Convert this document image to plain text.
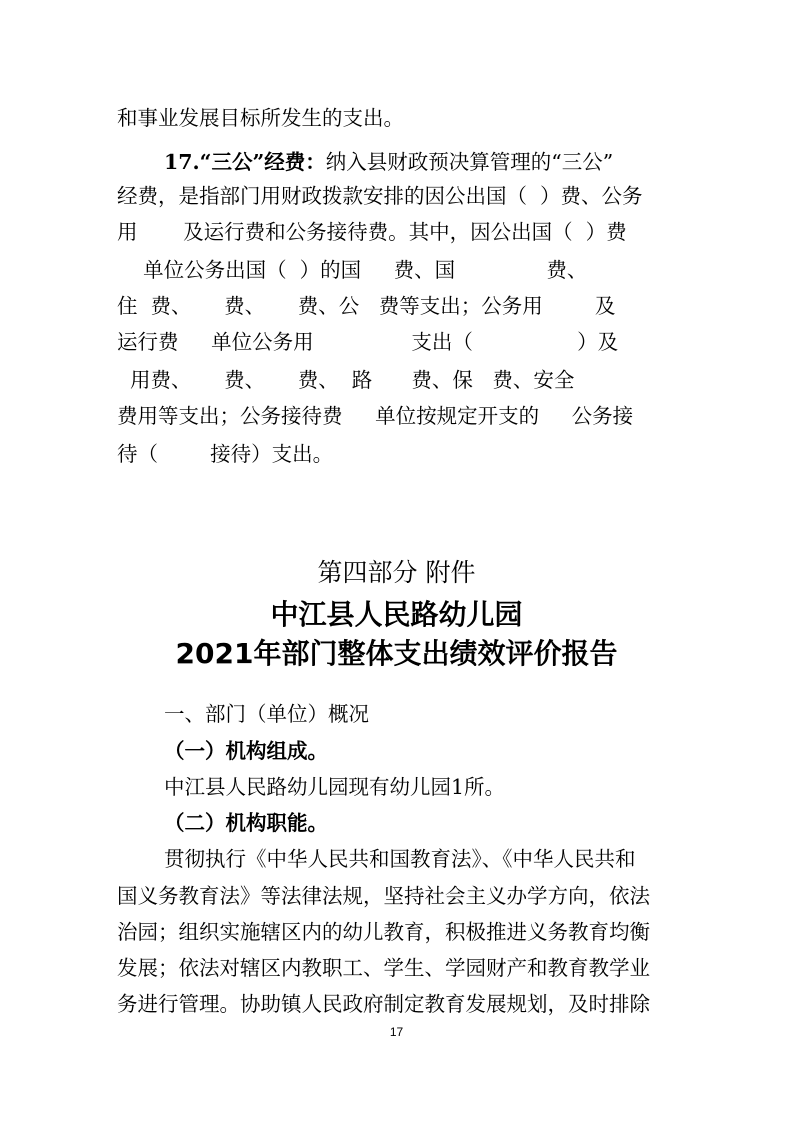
和事业发展目标所发生的支出。
17.“三公”经费：纳入县财政预决算管理的“三公”
经费，是指部门用财政拨款安排的因公出国（  ）费、公务
用       及运行费和公务接待费。其中，因公出国（  ）费
单位公务出国（  ）的国     费、国              费、
住  费、     费、     费、公   费等支出；公务用        及
运行费     单位公务用               支出（                ）及
用费、     费、     费、  路      费、保   费、安全
费用等支出；公务接待费     单位按规定开支的     公务接
待（        接待）支出。
第四部分 附件
中江县人民路幼儿园
2021年部门整体支出绩效评价报告
一、部门（单位）概况
（一）机构组成。
中江县人民路幼儿园现有幼儿园1所。
（二）机构职能。
贯彻执行《中华人民共和国教育法》、《中华人民共和
国义务教育法》等法律法规，坚持社会主义办学方向，依法
治园；组织实施辖区内的幼儿教育，积极推进义务教育均衡
发展；依法对辖区内教职工、学生、学园财产和教育教学业
务进行管理。协助镇人民政府制定教育发展规划，及时排除
17
